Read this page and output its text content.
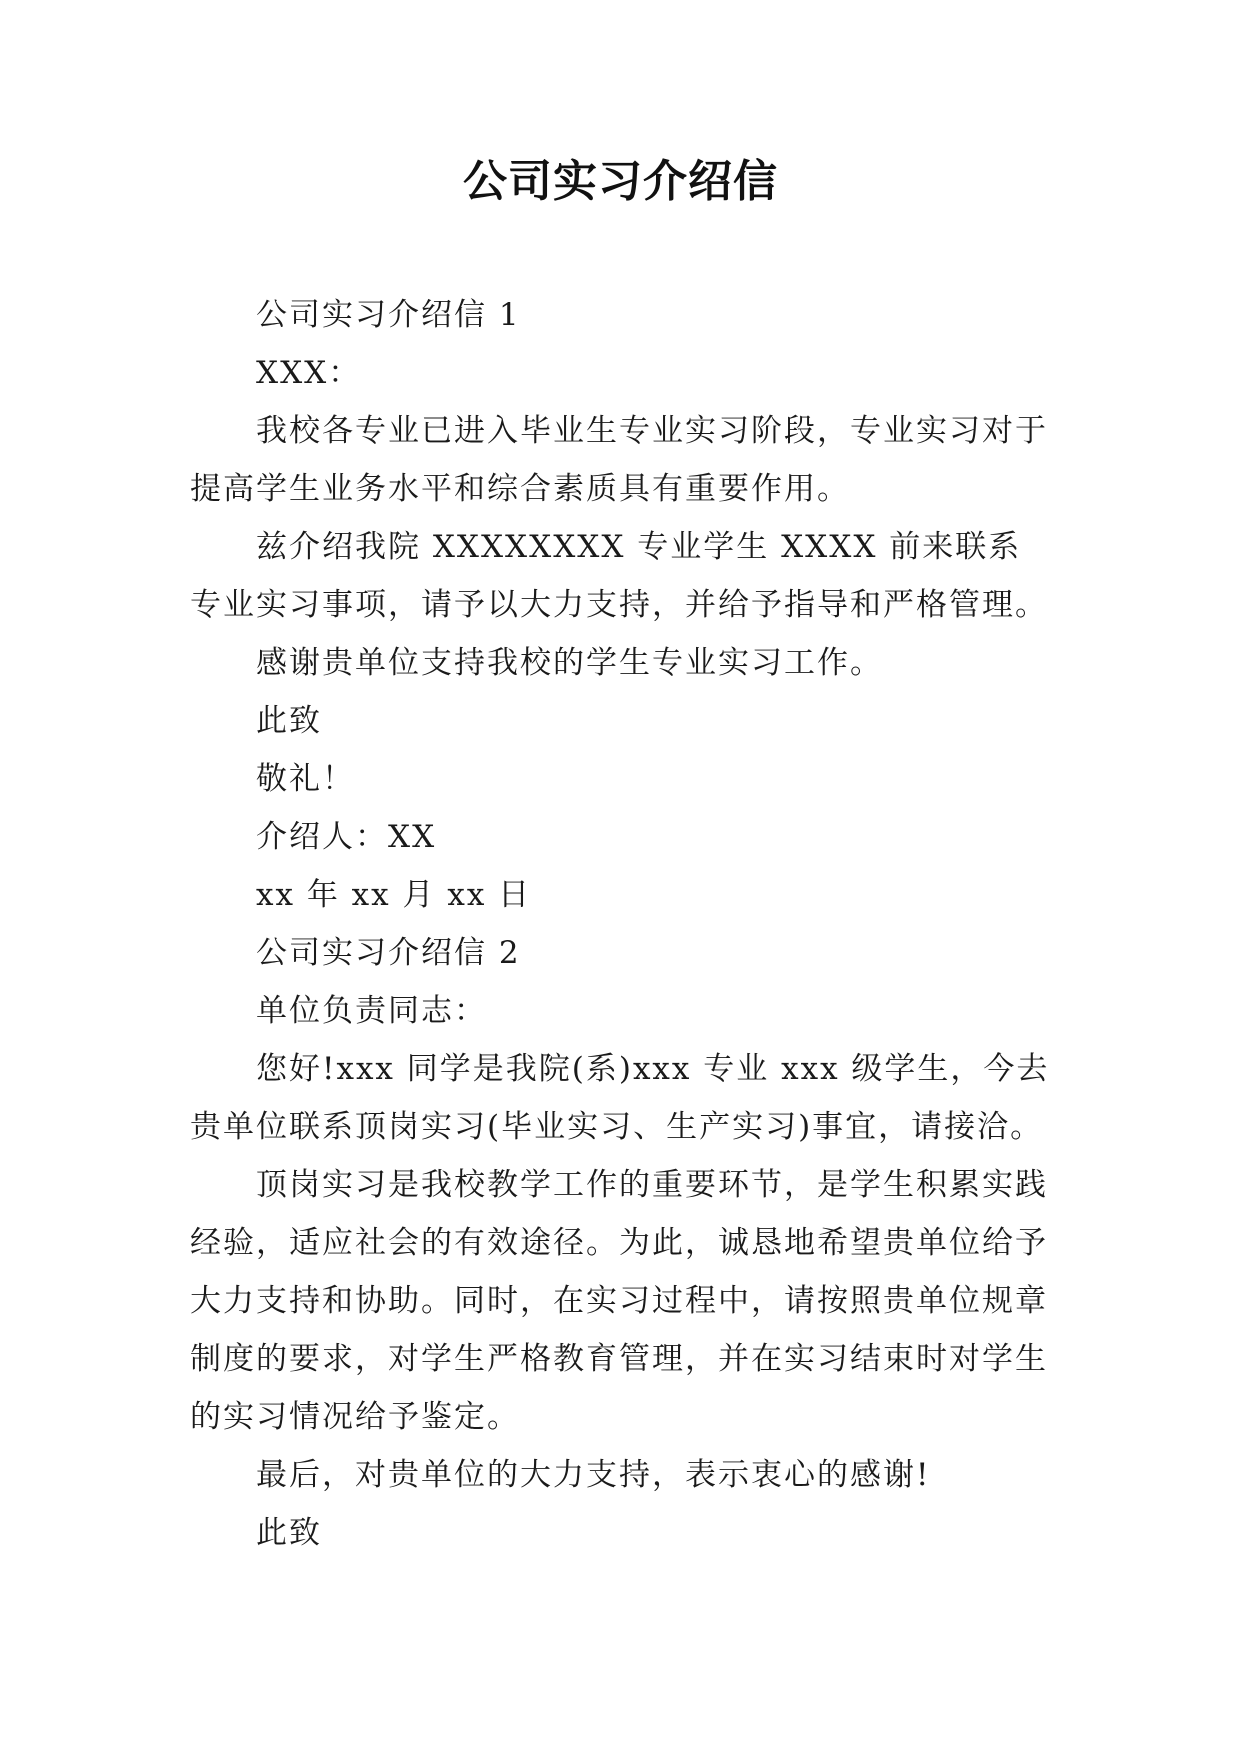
公司实习介绍信

公司实习介绍信 1

XXX：

我校各专业已进入毕业生专业实习阶段，专业实习对于提高学生业务水平和综合素质具有重要作用。

兹介绍我院 XXXXXXXX 专业学生 XXXX 前来联系专业实习事项，请予以大力支持，并给予指导和严格管理。

感谢贵单位支持我校的学生专业实习工作。

此致

敬礼！

介绍人：XX

xx 年 xx 月 xx 日

公司实习介绍信 2

单位负责同志：

您好!xxx 同学是我院(系)xxx 专业 xxx 级学生，今去贵单位联系顶岗实习(毕业实习、生产实习)事宜，请接洽。

顶岗实习是我校教学工作的重要环节，是学生积累实践经验，适应社会的有效途径。为此，诚恳地希望贵单位给予大力支持和协助。同时，在实习过程中，请按照贵单位规章制度的要求，对学生严格教育管理，并在实习结束时对学生的实习情况给予鉴定。

最后，对贵单位的大力支持，表示衷心的感谢!

此致
